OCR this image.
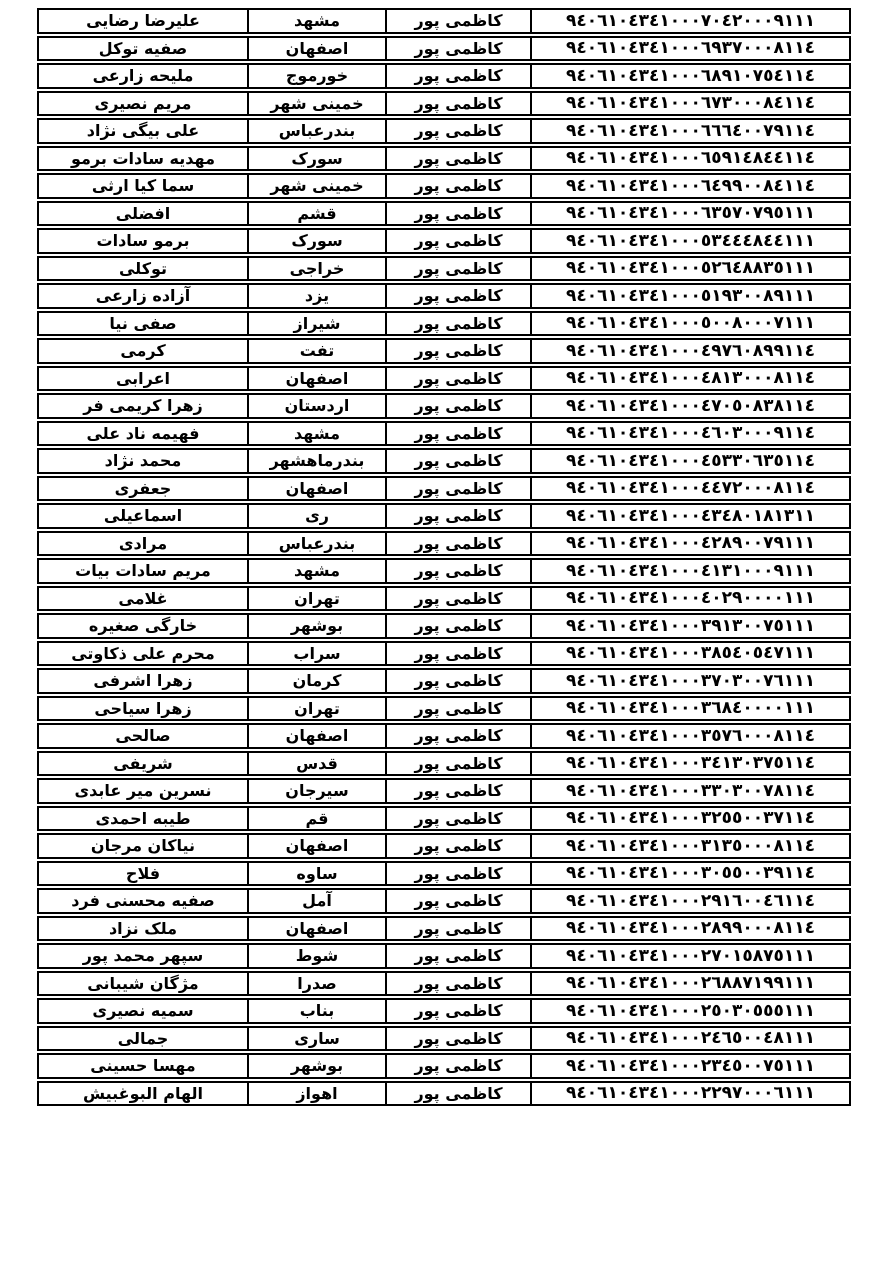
علیرضا رضایی	مشهد	کاظمی پور	٩٤٠٦١٠٤٣٤١٠٠٠٧٠٤٢٠٠٠٩١١١
صفیه توکل	اصفهان	کاظمی پور	٩٤٠٦١٠٤٣٤١٠٠٠٦٩٣٧٠٠٠٨١١٤
ملیحه زارعی	خورموج	کاظمی پور	٩٤٠٦١٠٤٣٤١٠٠٠٦٨٩١٠٧٥٤١١٤
مریم نصیری	خمینی شهر	کاظمی پور	٩٤٠٦١٠٤٣٤١٠٠٠٦٧٣٠٠٠٨٤١١٤
علی بیگی نژاد	بندرعباس	کاظمی پور	٩٤٠٦١٠٤٣٤١٠٠٠٦٦٦٤٠٠٧٩١١٤
مهدیه سادات برمو	سورک	کاظمی پور	٩٤٠٦١٠٤٣٤١٠٠٠٦٥٩١٤٨٤٤١١٤
سما کیا ارثی	خمینی شهر	کاظمی پور	٩٤٠٦١٠٤٣٤١٠٠٠٦٤٩٩٠٠٨٤١١٤
افضلی	قشم	کاظمی پور	٩٤٠٦١٠٤٣٤١٠٠٠٦٣٥٧٠٧٩٥١١١
برمو سادات	سورک	کاظمی پور	٩٤٠٦١٠٤٣٤١٠٠٠٥٣٤٤٤٨٤٤١١١
توکلی	خراجی	کاظمی پور	٩٤٠٦١٠٤٣٤١٠٠٠٥٢٦٤٨٨٣٥١١١
آزاده زارعی	یزد	کاظمی پور	٩٤٠٦١٠٤٣٤١٠٠٠٥١٩٣٠٠٨٩١١١
صفی نیا	شیراز	کاظمی پور	٩٤٠٦١٠٤٣٤١٠٠٠٥٠٠٨٠٠٠٧١١١
کرمی	تفت	کاظمی پور	٩٤٠٦١٠٤٣٤١٠٠٠٤٩٧٦٠٨٩٩١١٤
اعرابی	اصفهان	کاظمی پور	٩٤٠٦١٠٤٣٤١٠٠٠٤٨١٣٠٠٠٨١١٤
زهرا کریمی فر	اردستان	کاظمی پور	٩٤٠٦١٠٤٣٤١٠٠٠٤٧٠٥٠٨٣٨١١٤
فهیمه ناد علی	مشهد	کاظمی پور	٩٤٠٦١٠٤٣٤١٠٠٠٤٦٠٣٠٠٠٩١١٤
محمد نژاد	بندرماهشهر	کاظمی پور	٩٤٠٦١٠٤٣٤١٠٠٠٤٥٣٣٠٦٣٥١١٤
جعفری	اصفهان	کاظمی پور	٩٤٠٦١٠٤٣٤١٠٠٠٤٤٧٢٠٠٠٨١١٤
اسماعیلی	ری	کاظمی پور	٩٤٠٦١٠٤٣٤١٠٠٠٤٣٤٨٠١٨١٣١١
مرادی	بندرعباس	کاظمی پور	٩٤٠٦١٠٤٣٤١٠٠٠٤٢٨٩٠٠٧٩١١١
مریم سادات بیات	مشهد	کاظمی پور	٩٤٠٦١٠٤٣٤١٠٠٠٤١٣١٠٠٠٩١١١
غلامی	تهران	کاظمی پور	٩٤٠٦١٠٤٣٤١٠٠٠٤٠٢٩٠٠٠٠١١١
خارگی صغیره	بوشهر	کاظمی پور	٩٤٠٦١٠٤٣٤١٠٠٠٣٩١٣٠٠٧٥١١١
محرم علی ذکاوتی	سراب	کاظمی پور	٩٤٠٦١٠٤٣٤١٠٠٠٣٨٥٤٠٥٤٧١١١
زهرا اشرفی	کرمان	کاظمی پور	٩٤٠٦١٠٤٣٤١٠٠٠٣٧٠٣٠٠٧٦١١١
زهرا سیاحی	تهران	کاظمی پور	٩٤٠٦١٠٤٣٤١٠٠٠٣٦٨٤٠٠٠٠١١١
صالحی	اصفهان	کاظمی پور	٩٤٠٦١٠٤٣٤١٠٠٠٣٥٧٦٠٠٠٨١١٤
شریفی	قدس	کاظمی پور	٩٤٠٦١٠٤٣٤١٠٠٠٣٤١٣٠٣٧٥١١٤
نسرین میر عابدی	سیرجان	کاظمی پور	٩٤٠٦١٠٤٣٤١٠٠٠٣٣٠٣٠٠٧٨١١٤
طیبه احمدی	قم	کاظمی پور	٩٤٠٦١٠٤٣٤١٠٠٠٣٢٥٥٠٠٣٧١١٤
نیاکان مرجان	اصفهان	کاظمی پور	٩٤٠٦١٠٤٣٤١٠٠٠٣١٣٥٠٠٠٨١١٤
فلاح	ساوه	کاظمی پور	٩٤٠٦١٠٤٣٤١٠٠٠٣٠٥٥٠٠٣٩١١٤
صفیه محسنی فرد	آمل	کاظمی پور	٩٤٠٦١٠٤٣٤١٠٠٠٢٩١٦٠٠٤٦١١٤
ملک نزاد	اصفهان	کاظمی پور	٩٤٠٦١٠٤٣٤١٠٠٠٢٨٩٩٠٠٠٨١١٤
سپهر محمد پور	شوط	کاظمی پور	٩٤٠٦١٠٤٣٤١٠٠٠٢٧٠١٥٨٧٥١١١
مژگان شیبانی	صدرا	کاظمی پور	٩٤٠٦١٠٤٣٤١٠٠٠٢٦٨٨٧١٩٩١١١
سمیه نصیری	بناب	کاظمی پور	٩٤٠٦١٠٤٣٤١٠٠٠٢٥٠٣٠٥٥٥١١١
جمالی	ساری	کاظمی پور	٩٤٠٦١٠٤٣٤١٠٠٠٢٤٦٥٠٠٤٨١١١
مهسا حسینی	بوشهر	کاظمی پور	٩٤٠٦١٠٤٣٤١٠٠٠٢٣٤٥٠٠٧٥١١١
الهام البوغبیش	اهواز	کاظمی پور	٩٤٠٦١٠٤٣٤١٠٠٠٢٢٩٧٠٠٠٦١١١
